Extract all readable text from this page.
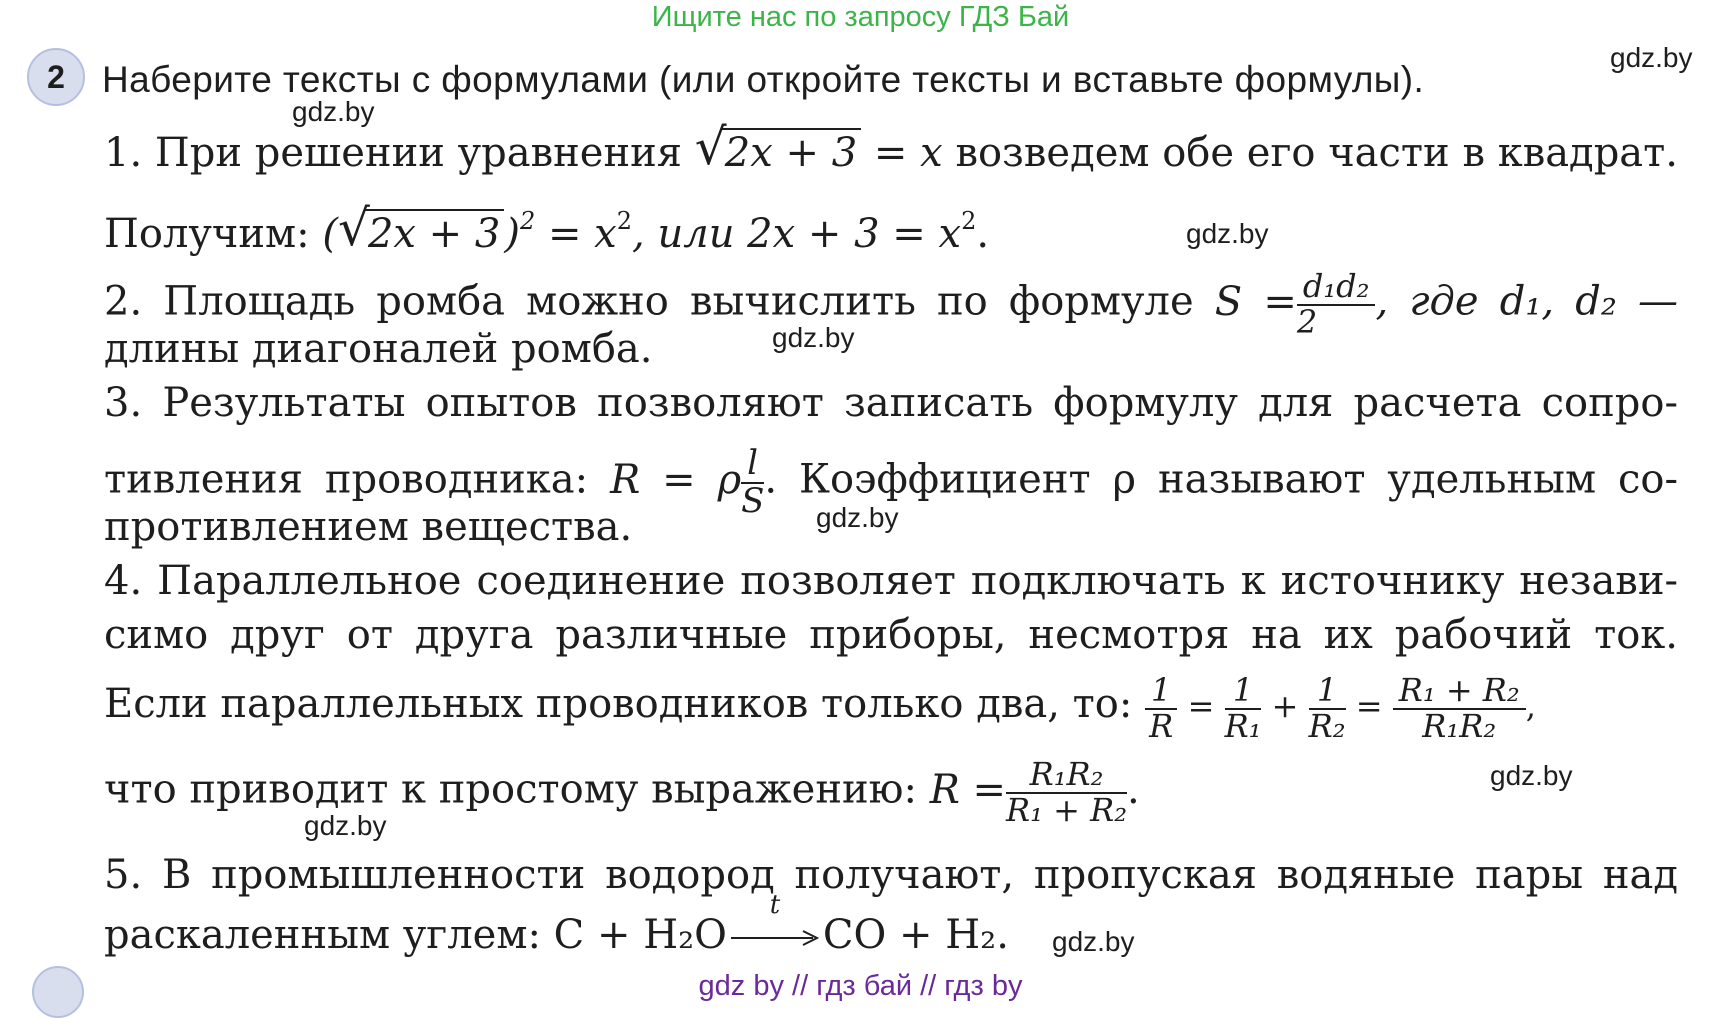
Ищите нас по запросу ГДЗ Бай
2	Наберите тексты с формулами (или откройте тексты и вставьте формулы).
gdz.by
gdz.by
1. При решении уравнения √
2x + 3 = x возведем обе его части в квадрат.
Получим: ( √
2x + 3 )$^2 = x^2$, или $2x + 3 = x^2$.	gdz.by
2. Площадь ромба можно вычислить по формуле $S = \frac{\text{d₁d₂}}{2}$ , где d₁, d₂ —
длины диагоналей ромба.	gdz.by
3. Результаты опытов позволяют записать формулу для расчета сопро-
тивления проводника: R = ρ $\frac{l}{S}$ . Коэффициент ρ называют удельным со-
противлением вещества.	gdz.by
4. Параллельное соединение позволяет подключать к источнику незави-
симо друг от друга различные приборы, несмотря на их рабочий ток.
Если параллельных проводников только два, то: $\frac{1}{R} = \frac{1}{\text{R₁}} + \frac{1}{\text{R₂}} = \frac{\text{R₁ + R₂}}{\text{R₁R₂}}$ ,
что приводит к простому выражению: $R = \frac{\text{R₁R₂}}{\text{R₁ + R₂}}$ .	gdz.by
gdz.by
5. В промышленности водород получают, пропуская водяные пары над
раскаленным углем: C + H₂O
t
CO + H₂.	gdz.by
gdz by // гдз бай // гдз by
